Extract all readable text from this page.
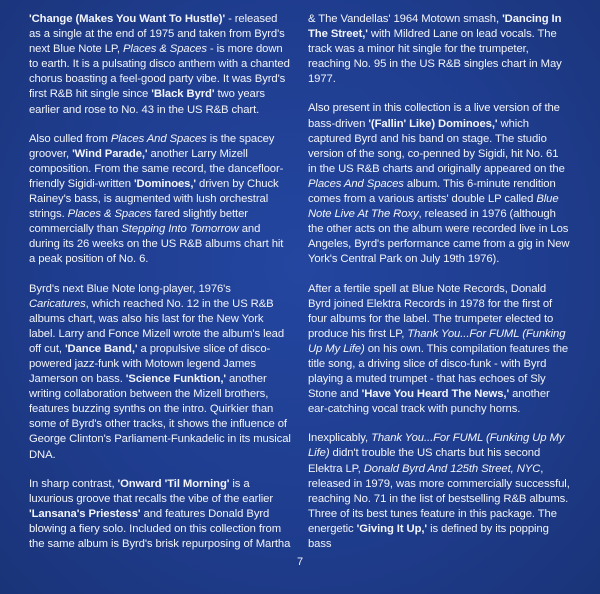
'Change (Makes You Want To Hustle)' - released as a single at the end of 1975 and taken from Byrd's next Blue Note LP, Places & Spaces - is more down to earth. It is a pulsating disco anthem with a chanted chorus boasting a feel-good party vibe. It was Byrd's first R&B hit single since 'Black Byrd' two years earlier and rose to No. 43 in the US R&B chart.

Also culled from Places And Spaces is the spacey groover, 'Wind Parade,' another Larry Mizell composition. From the same record, the dancefloor-friendly Sigidi-written 'Dominoes,' driven by Chuck Rainey's bass, is augmented with lush orchestral strings. Places & Spaces fared slightly better commercially than Stepping Into Tomorrow and during its 26 weeks on the US R&B albums chart hit a peak position of No. 6.

Byrd's next Blue Note long-player, 1976's Caricatures, which reached No. 12 in the US R&B albums chart, was also his last for the New York label. Larry and Fonce Mizell wrote the album's lead off cut, 'Dance Band,' a propulsive slice of disco-powered jazz-funk with Motown legend James Jamerson on bass. 'Science Funktion,' another writing collaboration between the Mizell brothers, features buzzing synths on the intro. Quirkier than some of Byrd's other tracks, it shows the influence of George Clinton's Parliament-Funkadelic in its musical DNA.

In sharp contrast, 'Onward 'Til Morning' is a luxurious groove that recalls the vibe of the earlier 'Lansana's Priestess' and features Donald Byrd blowing a fiery solo. Included on this collection from the same album is Byrd's brisk repurposing of Martha

& The Vandellas' 1964 Motown smash, 'Dancing In The Street,' with Mildred Lane on lead vocals. The track was a minor hit single for the trumpeter, reaching No. 95 in the US R&B singles chart in May 1977.

Also present in this collection is a live version of the bass-driven '(Fallin' Like) Dominoes,' which captured Byrd and his band on stage. The studio version of the song, co-penned by Sigidi, hit No. 61 in the US R&B charts and originally appeared on the Places And Spaces album. This 6-minute rendition comes from a various artists' double LP called Blue Note Live At The Roxy, released in 1976 (although the other acts on the album were recorded live in Los Angeles, Byrd's performance came from a gig in New York's Central Park on July 19th 1976).

After a fertile spell at Blue Note Records, Donald Byrd joined Elektra Records in 1978 for the first of four albums for the label. The trumpeter elected to produce his first LP, Thank You...For FUML (Funking Up My Life) on his own. This compilation features the title song, a driving slice of disco-funk - with Byrd playing a muted trumpet - that has echoes of Sly Stone and 'Have You Heard The News,' another ear-catching vocal track with punchy horns.

Inexplicably, Thank You...For FUML (Funking Up My Life) didn't trouble the US charts but his second Elektra LP, Donald Byrd And 125th Street, NYC, released in 1979, was more commercially successful, reaching No. 71 in the list of bestselling R&B albums. Three of its best tunes feature in this package. The energetic 'Giving It Up,' is defined by its popping bass

7
